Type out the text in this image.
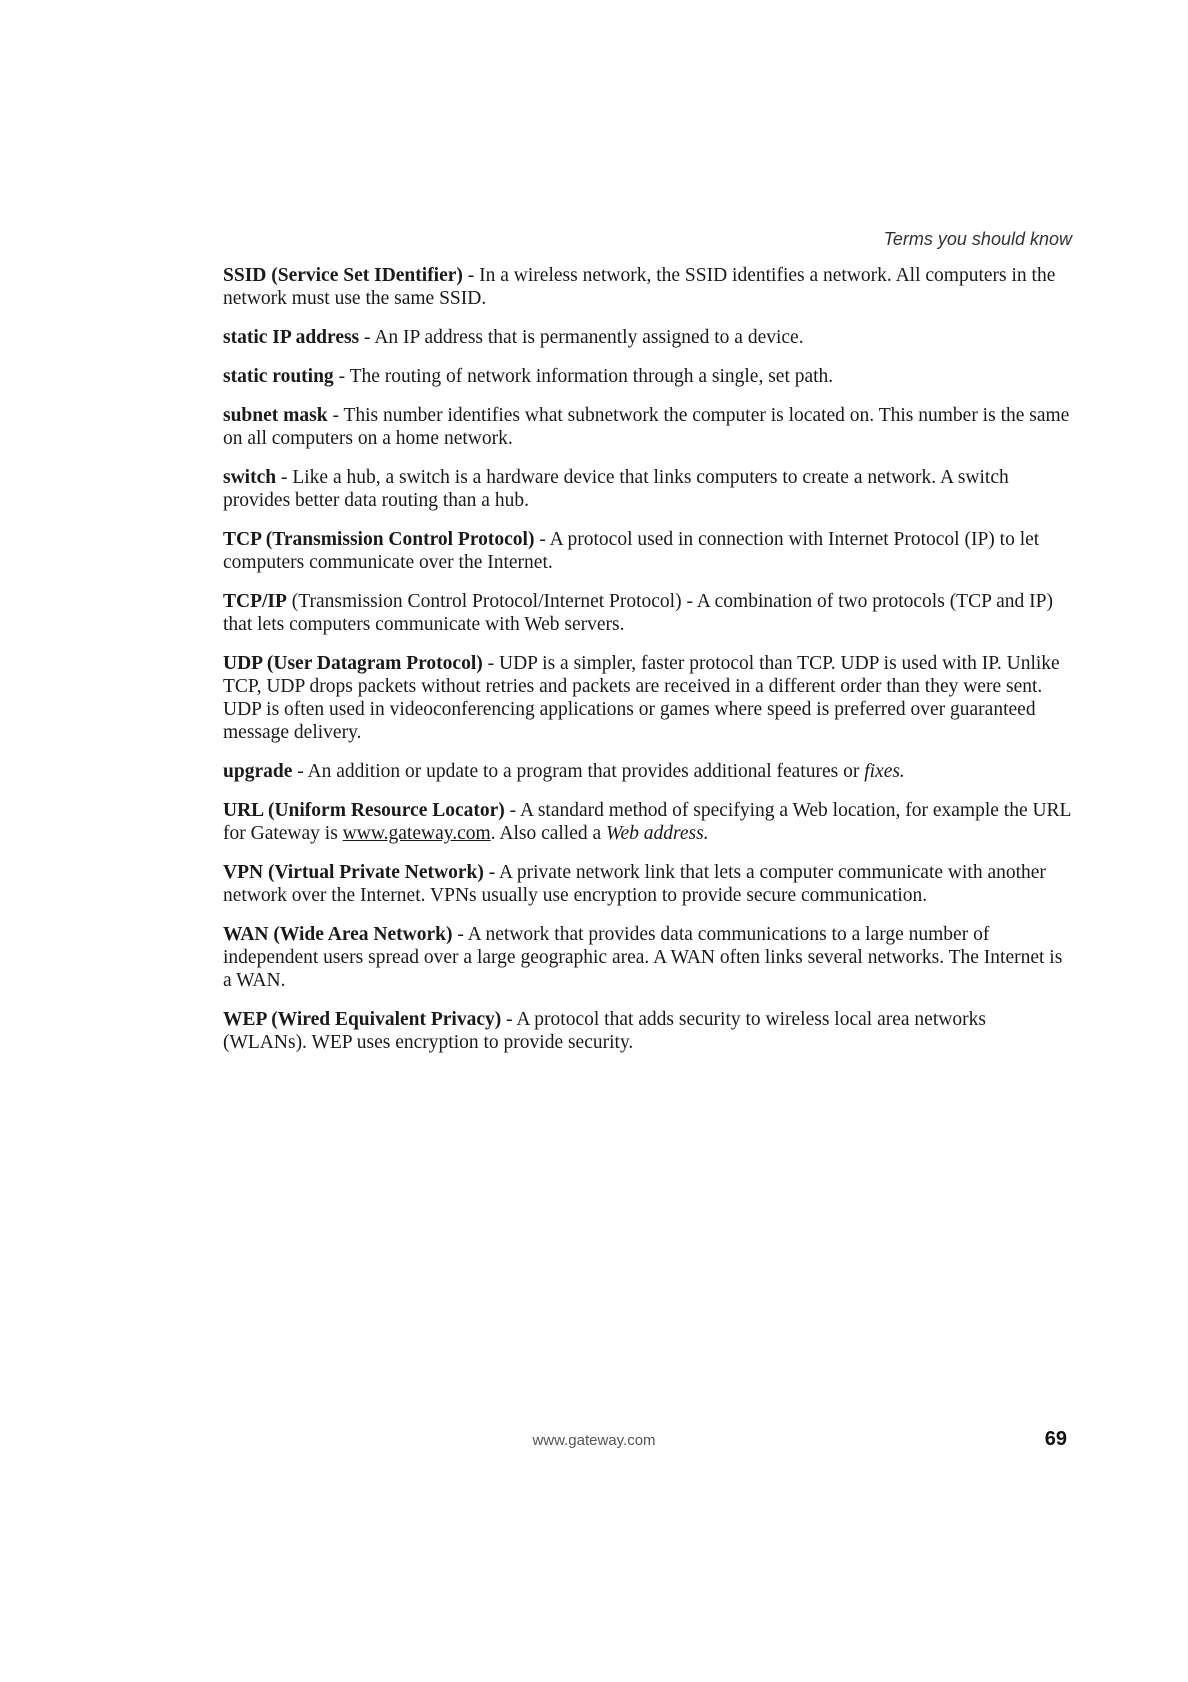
Terms you should know

SSID (Service Set IDentifier) - In a wireless network, the SSID identifies a network. All computers in the network must use the same SSID.

static IP address - An IP address that is permanently assigned to a device.

static routing - The routing of network information through a single, set path.

subnet mask - This number identifies what subnetwork the computer is located on. This number is the same on all computers on a home network.

switch - Like a hub, a switch is a hardware device that links computers to create a network. A switch provides better data routing than a hub.

TCP (Transmission Control Protocol) - A protocol used in connection with Internet Protocol (IP) to let computers communicate over the Internet.

TCP/IP (Transmission Control Protocol/Internet Protocol) - A combination of two protocols (TCP and IP) that lets computers communicate with Web servers.

UDP (User Datagram Protocol) - UDP is a simpler, faster protocol than TCP. UDP is used with IP. Unlike TCP, UDP drops packets without retries and packets are received in a different order than they were sent. UDP is often used in videoconferencing applications or games where speed is preferred over guaranteed message delivery.

upgrade - An addition or update to a program that provides additional features or fixes.

URL (Uniform Resource Locator) - A standard method of specifying a Web location, for example the URL for Gateway is www.gateway.com. Also called a Web address.

VPN (Virtual Private Network) - A private network link that lets a computer communicate with another network over the Internet. VPNs usually use encryption to provide secure communication.

WAN (Wide Area Network) - A network that provides data communications to a large number of independent users spread over a large geographic area. A WAN often links several networks. The Internet is a WAN.

WEP (Wired Equivalent Privacy) - A protocol that adds security to wireless local area networks (WLANs). WEP uses encryption to provide security.

www.gateway.com	69
